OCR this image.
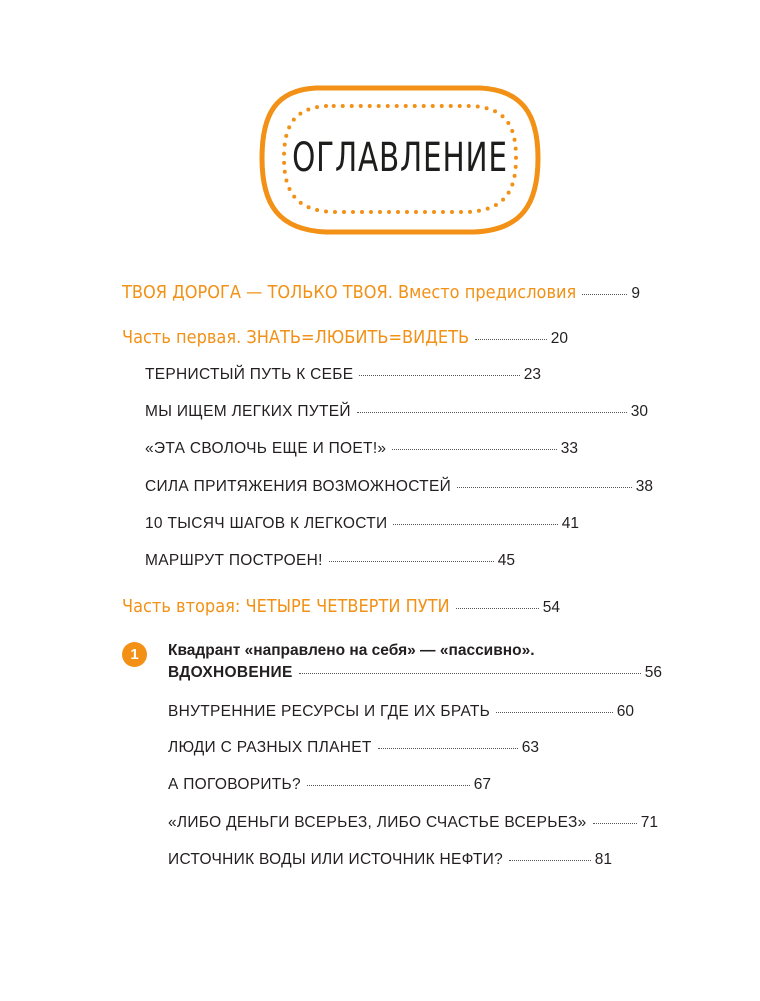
ОГЛАВЛЕНИЕ
ТВОЯ ДОРОГА — ТОЛЬКО ТВОЯ. Вместо предисловия	9
Часть первая. ЗНАТЬ=ЛЮБИТЬ=ВИДЕТЬ	20
ТЕРНИСТЫЙ ПУТЬ К СЕБЕ	23
МЫ ИЩЕМ ЛЕГКИХ ПУТЕЙ	30
«ЭТА СВОЛОЧЬ ЕЩЕ И ПОЕТ!»	33
СИЛА ПРИТЯЖЕНИЯ ВОЗМОЖНОСТЕЙ	38
10 ТЫСЯЧ ШАГОВ К ЛЕГКОСТИ	41
МАРШРУТ ПОСТРОЕН!	45
Часть вторая: ЧЕТЫРЕ ЧЕТВЕРТИ ПУТИ	54
1	Квадрант «направлено на себя» — «пассивно».
ВДОХНОВЕНИЕ	56
ВНУТРЕННИЕ РЕСУРСЫ И ГДЕ ИХ БРАТЬ	60
ЛЮДИ С РАЗНЫХ ПЛАНЕТ	63
А ПОГОВОРИТЬ?	67
«ЛИБО ДЕНЬГИ ВСЕРЬЕЗ, ЛИБО СЧАСТЬЕ ВСЕРЬЕЗ»	71
ИСТОЧНИК ВОДЫ ИЛИ ИСТОЧНИК НЕФТИ?	81
